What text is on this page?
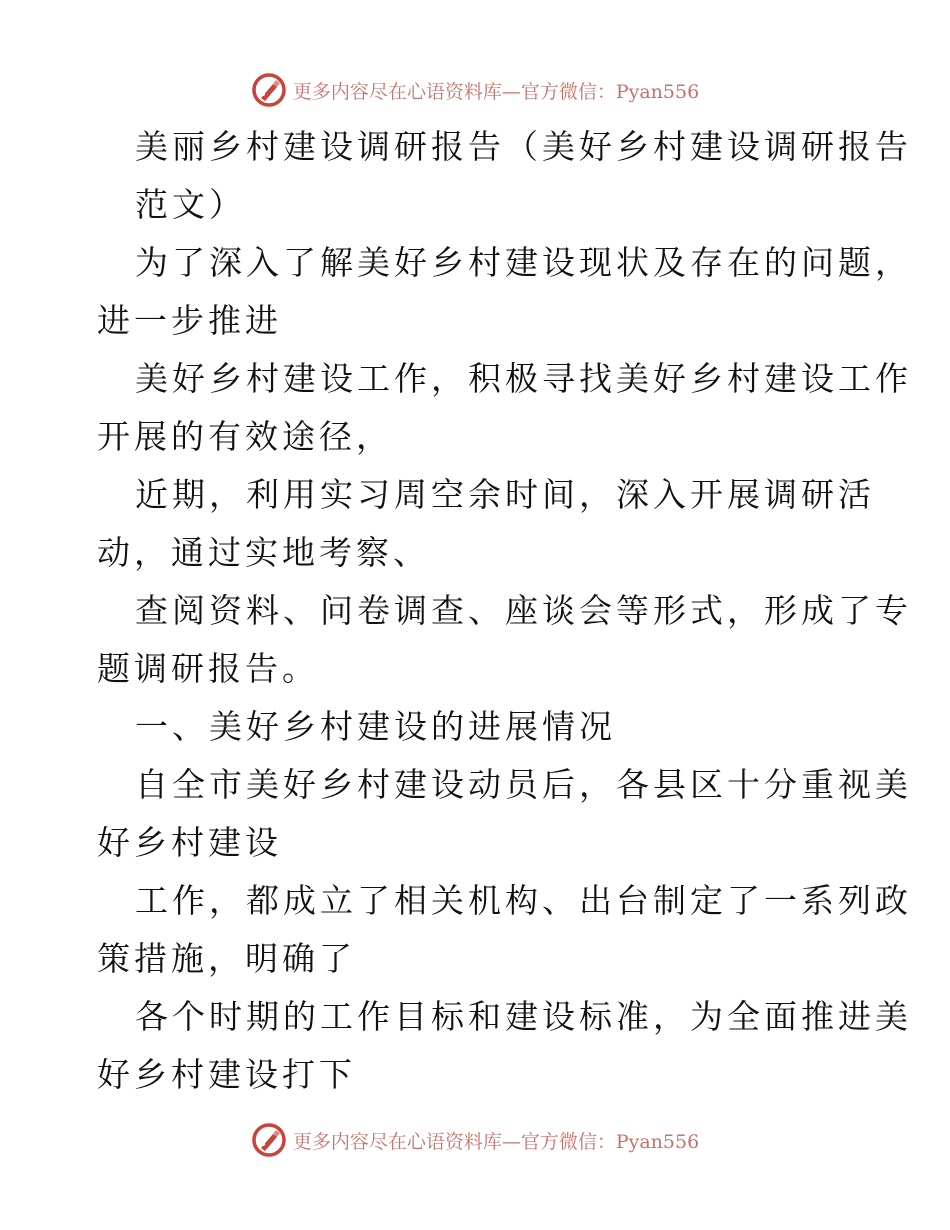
更多内容尽在心语资料库—官方微信：Pyan556

美丽乡村建设调研报告（美好乡村建设调研报告
范文）

为了深入了解美好乡村建设现状及存在的问题，

进一步推进

美好乡村建设工作，积极寻找美好乡村建设工作

开展的有效途径，

近期，利用实习周空余时间，深入开展调研活

动，通过实地考察、

查阅资料、问卷调查、座谈会等形式，形成了专

题调研报告。

一、美好乡村建设的进展情况

自全市美好乡村建设动员后，各县区十分重视美

好乡村建设

工作，都成立了相关机构、出台制定了一系列政

策措施，明确了

各个时期的工作目标和建设标准，为全面推进美

好乡村建设打下

更多内容尽在心语资料库—官方微信：Pyan556
